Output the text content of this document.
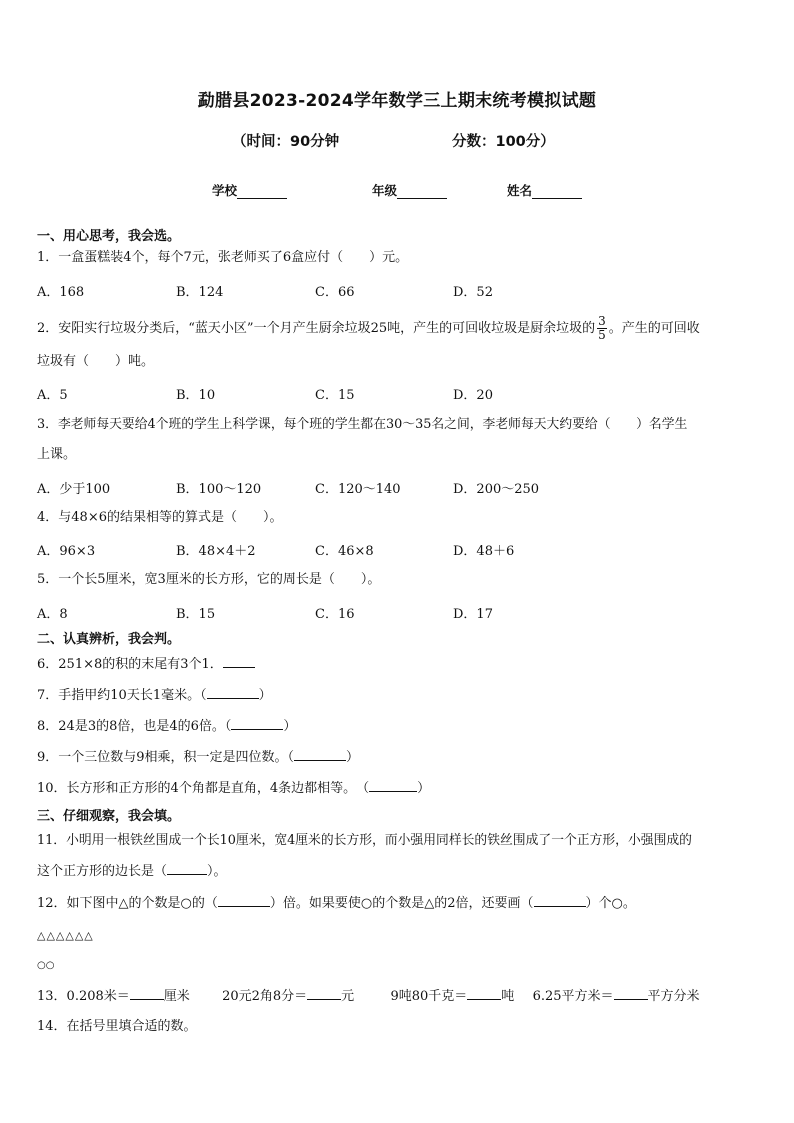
勐腊县2023-2024学年数学三上期末统考模拟试题
（时间：90分钟	分数：100分）
学校	年级	姓名
一、用心思考，我会选。
1．一盒蛋糕装4个，每个7元，张老师买了6盒应付（　　）元。
A．168	B．124	C．66	D．52
2．安阳实行垃圾分类后，“蓝天小区”一个月产生厨余垃圾25吨，产生的可回收垃圾是厨余垃圾的 $\frac{3}{5}$ 。产生的可回收
垃圾有（　　）吨。
A．5	B．10	C．15	D．20
3．李老师每天要给4个班的学生上科学课，每个班的学生都在30～35名之间，李老师每天大约要给（　　）名学生
上课。
A．少于100	B．100～120	C．120～140	D．200～250
4．与48×6的结果相等的算式是（　　）。
A．96×3	B．48×4＋2	C．46×8	D．48＋6
5．一个长5厘米，宽3厘米的长方形，它的周长是（　　）。
A．8	B．15	C．16	D．17
二、认真辨析，我会判。
6．251×8的积的末尾有3个1．
7．手指甲约10天长1毫米。（	）
8．24是3的8倍，也是4的6倍。（	）
9．一个三位数与9相乘，积一定是四位数。（	）
10．长方形和正方形的4个角都是直角，4条边都相等。　（	）
三、仔细观察，我会填。
11．小明用一根铁丝围成一个长10厘米，宽4厘米的长方形，而小强用同样长的铁丝围成了一个正方形，小强围成的
这个正方形的边长是（	）。
12．如下图中△的个数是○的（	）倍。如果要使○的个数是△的2倍，还要画（	）个○。
△△△△△△
○○
13．0.208米＝	厘米 20元2角8分＝	元	9吨80千克＝	吨 6.25平方米＝	平方分米
14．在括号里填合适的数。
